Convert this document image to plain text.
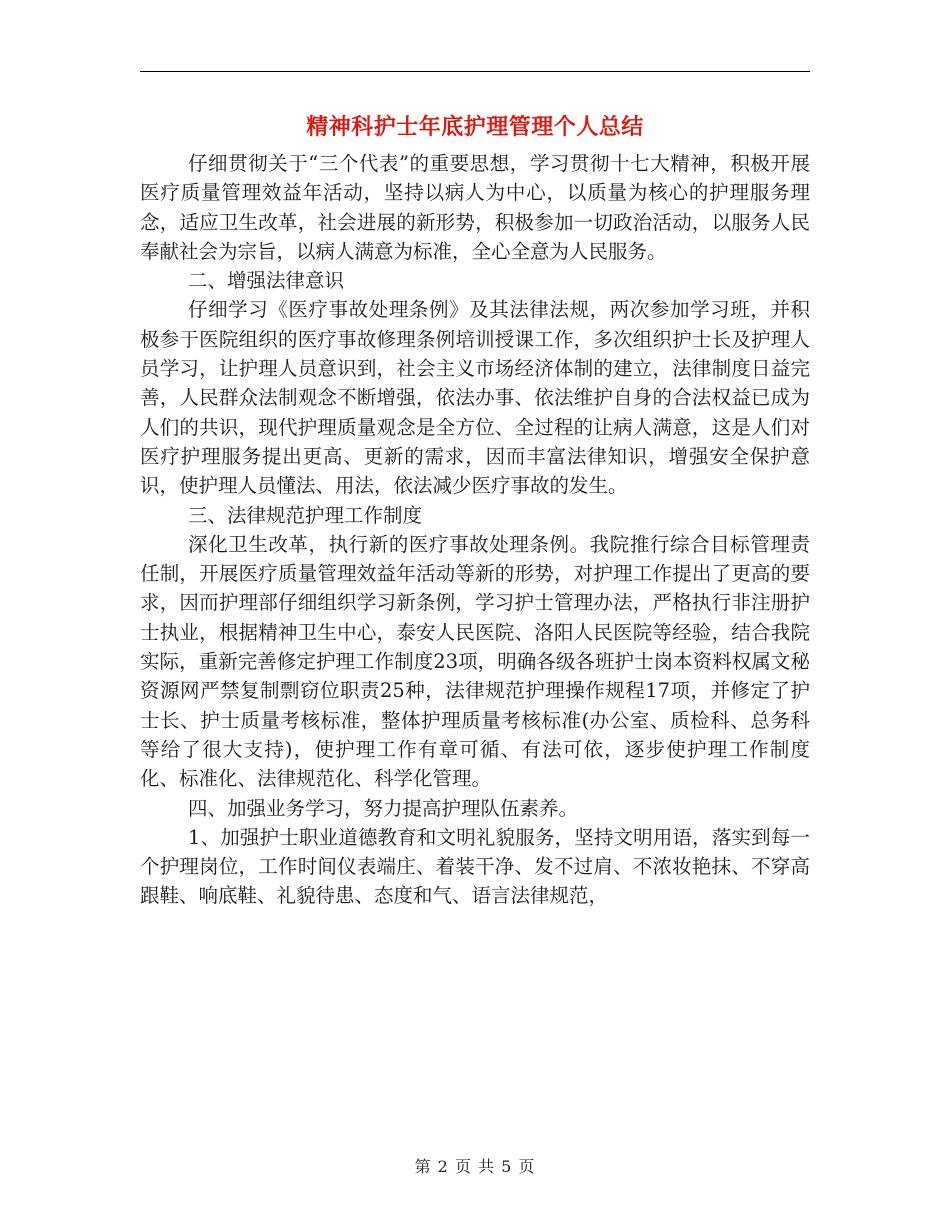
精神科护士年底护理管理个人总结

仔细贯彻关于“三个代表”的重要思想，学习贯彻十七大精神，积极开展医疗质量管理效益年活动，坚持以病人为中心，以质量为核心的护理服务理念，适应卫生改革，社会进展的新形势，积极参加一切政治活动，以服务人民奉献社会为宗旨，以病人满意为标准，全心全意为人民服务。

二、增强法律意识

仔细学习《医疗事故处理条例》及其法律法规，两次参加学习班，并积极参于医院组织的医疗事故修理条例培训授课工作，多次组织护士长及护理人员学习，让护理人员意识到，社会主义市场经济体制的建立，法律制度日益完善，人民群众法制观念不断增强，依法办事、依法维护自身的合法权益已成为人们的共识，现代护理质量观念是全方位、全过程的让病人满意，这是人们对医疗护理服务提出更高、更新的需求，因而丰富法律知识，增强安全保护意识，使护理人员懂法、用法，依法减少医疗事故的发生。

三、法律规范护理工作制度

深化卫生改革，执行新的医疗事故处理条例。我院推行综合目标管理责任制，开展医疗质量管理效益年活动等新的形势，对护理工作提出了更高的要求，因而护理部仔细组织学习新条例，学习护士管理办法，严格执行非注册护士执业，根据精神卫生中心，泰安人民医院、洛阳人民医院等经验，结合我院实际，重新完善修定护理工作制度23项，明确各级各班护士岗本资料权属文秘资源网严禁复制剽窃位职责25种，法律规范护理操作规程17项，并修定了护士长、护士质量考核标准，整体护理质量考核标准(办公室、质检科、总务科等给了很大支持)，使护理工作有章可循、有法可依，逐步使护理工作制度化、标准化、法律规范化、科学化管理。

四、加强业务学习，努力提高护理队伍素养。

1、加强护士职业道德教育和文明礼貌服务，坚持文明用语，落实到每一个护理岗位，工作时间仪表端庄、着装干净、发不过肩、不浓妆艳抹、不穿高跟鞋、响底鞋、礼貌待患、态度和气、语言法律规范，

第 2 页 共 5 页
